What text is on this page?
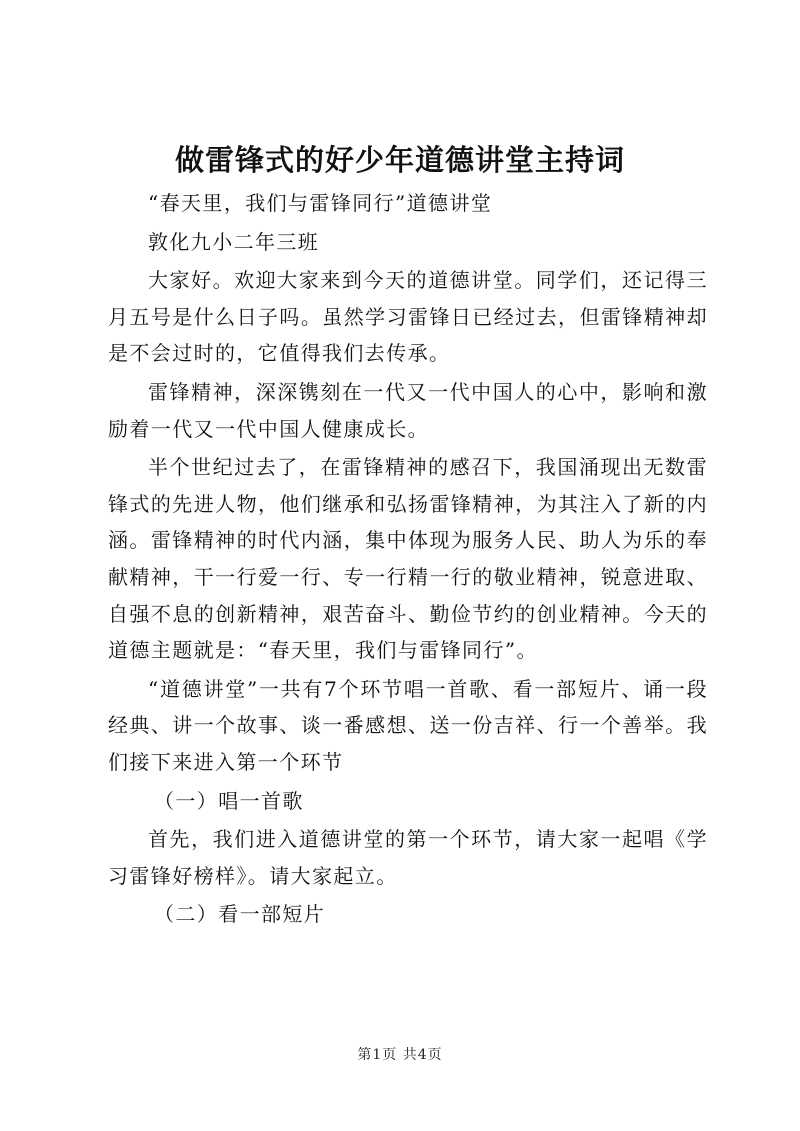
做雷锋式的好少年道德讲堂主持词

“春天里，我们与雷锋同行”道德讲堂

敦化九小二年三班

大家好。欢迎大家来到今天的道德讲堂。同学们，还记得三月五号是什么日子吗。虽然学习雷锋日已经过去，但雷锋精神却是不会过时的，它值得我们去传承。

雷锋精神，深深镌刻在一代又一代中国人的心中，影响和激励着一代又一代中国人健康成长。

半个世纪过去了，在雷锋精神的感召下，我国涌现出无数雷锋式的先进人物，他们继承和弘扬雷锋精神，为其注入了新的内涵。雷锋精神的时代内涵，集中体现为服务人民、助人为乐的奉献精神，干一行爱一行、专一行精一行的敬业精神，锐意进取、自强不息的创新精神，艰苦奋斗、勤俭节约的创业精神。今天的道德主题就是：“春天里，我们与雷锋同行”。

“道德讲堂”一共有7个环节唱一首歌、看一部短片、诵一段经典、讲一个故事、谈一番感想、送一份吉祥、行一个善举。我们接下来进入第一个环节

（一）唱一首歌

首先，我们进入道德讲堂的第一个环节，请大家一起唱《学习雷锋好榜样》。请大家起立。

（二）看一部短片

第1页 共4页
